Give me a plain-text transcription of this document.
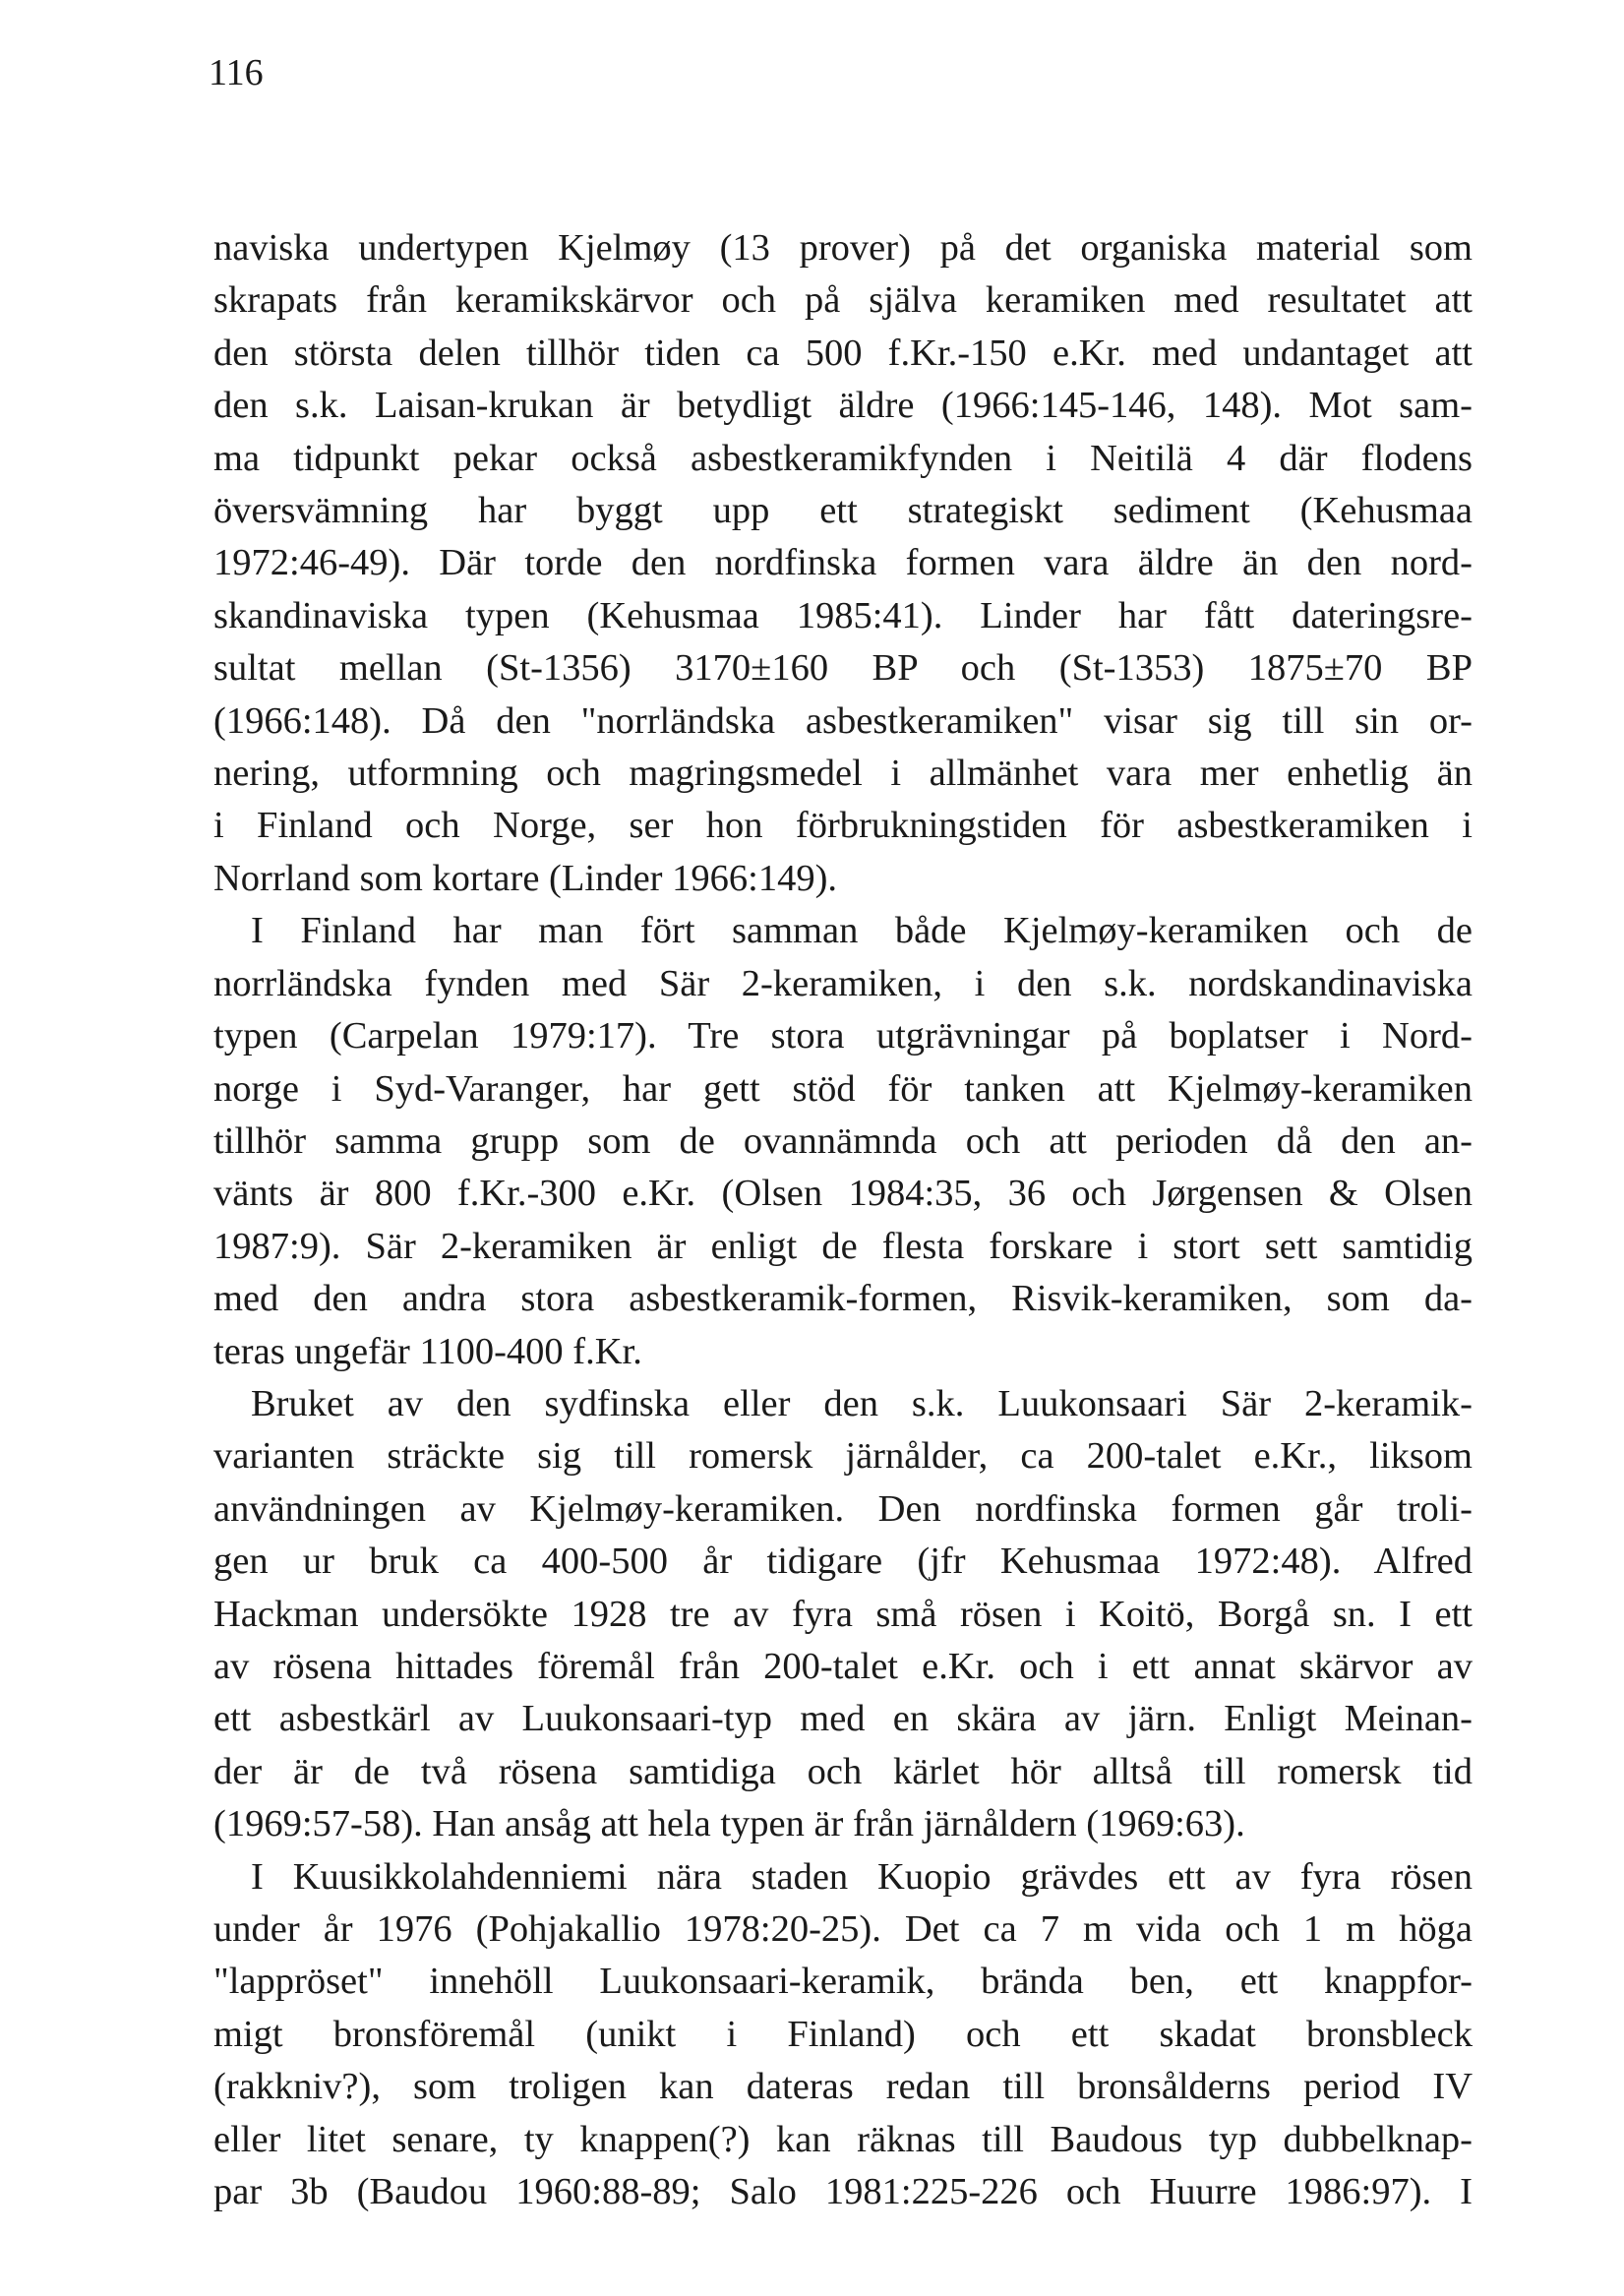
116
naviska undertypen Kjelmøy (13 prover) på det organiska material som
skrapats från keramikskärvor och på själva keramiken med resultatet att
den största delen tillhör tiden ca 500 f.Kr.-150 e.Kr. med undantaget att
den s.k. Laisan-krukan är betydligt äldre (1966:145-146, 148). Mot sam-
ma tidpunkt pekar också asbestkeramikfynden i Neitilä 4 där flodens
översvämning har byggt upp ett strategiskt sediment (Kehusmaa
1972:46-49). Där torde den nordfinska formen vara äldre än den nord-
skandinaviska typen (Kehusmaa 1985:41). Linder har fått dateringsre-
sultat mellan (St-1356) 3170±160 BP och (St-1353) 1875±70 BP
(1966:148). Då den "norrländska asbestkeramiken" visar sig till sin or-
nering, utformning och magringsmedel i allmänhet vara mer enhetlig än
i Finland och Norge, ser hon förbrukningstiden för asbestkeramiken i
Norrland som kortare (Linder 1966:149).
I Finland har man fört samman både Kjelmøy-keramiken och de
norrländska fynden med Sär 2-keramiken, i den s.k. nordskandinaviska
typen (Carpelan 1979:17). Tre stora utgrävningar på boplatser i Nord-
norge i Syd-Varanger, har gett stöd för tanken att Kjelmøy-keramiken
tillhör samma grupp som de ovannämnda och att perioden då den an-
vänts är 800 f.Kr.-300 e.Kr. (Olsen 1984:35, 36 och Jørgensen & Olsen
1987:9). Sär 2-keramiken är enligt de flesta forskare i stort sett samtidig
med den andra stora asbestkeramik-formen, Risvik-keramiken, som da-
teras ungefär 1100-400 f.Kr.
Bruket av den sydfinska eller den s.k. Luukonsaari Sär 2-keramik-
varianten sträckte sig till romersk järnålder, ca 200-talet e.Kr., liksom
användningen av Kjelmøy-keramiken. Den nordfinska formen går troli-
gen ur bruk ca 400-500 år tidigare (jfr Kehusmaa 1972:48). Alfred
Hackman undersökte 1928 tre av fyra små rösen i Koitö, Borgå sn. I ett
av rösena hittades föremål från 200-talet e.Kr. och i ett annat skärvor av
ett asbestkärl av Luukonsaari-typ med en skära av järn. Enligt Meinan-
der är de två rösena samtidiga och kärlet hör alltså till romersk tid
(1969:57-58). Han ansåg att hela typen är från järnåldern (1969:63).
I Kuusikkolahdenniemi nära staden Kuopio grävdes ett av fyra rösen
under år 1976 (Pohjakallio 1978:20-25). Det ca 7 m vida och 1 m höga
"lappröset" innehöll Luukonsaari-keramik, brända ben, ett knappfor-
migt bronsföremål (unikt i Finland) och ett skadat bronsbleck
(rakkniv?), som troligen kan dateras redan till bronsålderns period IV
eller litet senare, ty knappen(?) kan räknas till Baudous typ dubbelknap-
par 3b (Baudou 1960:88-89; Salo 1981:225-226 och Huurre 1986:97). I
